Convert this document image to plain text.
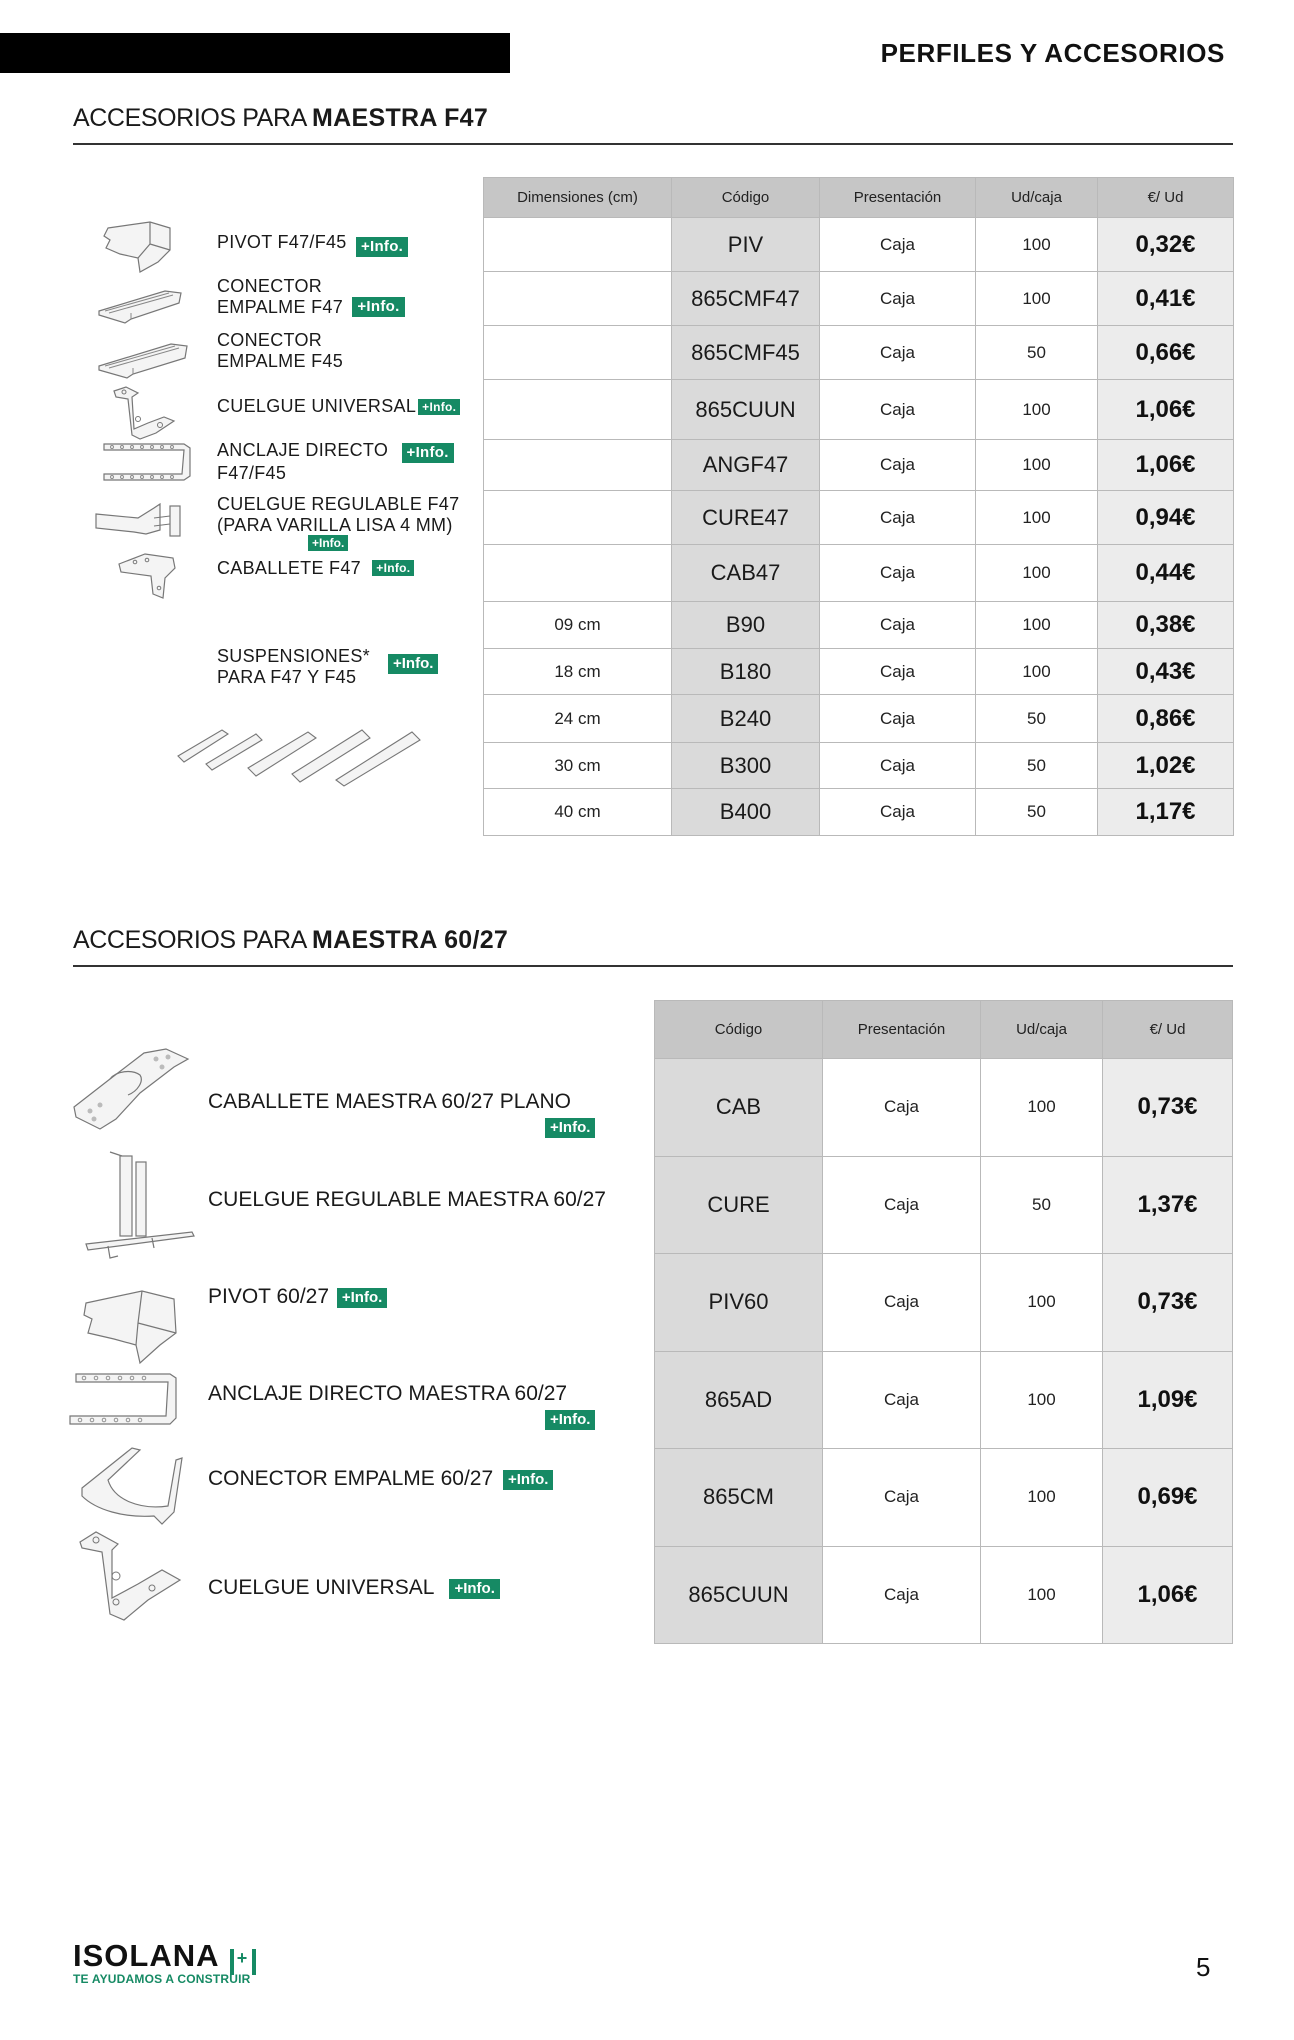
PERFILES Y ACCESORIOS
ACCESORIOS PARA MAESTRA F47
PIVOT F47/F45 +Info.
CONECTOR
EMPALME F47 +Info.
CONECTOR
EMPALME F45
CUELGUE UNIVERSAL +Info.
ANCLAJE DIRECTO +Info.
F47/F45
CUELGUE REGULABLE F47
(PARA VARILLA LISA 4 MM)
+Info.
CABALLETE F47 +Info.
SUSPENSIONES*
PARA F47 Y F45
+Info.
Dimensiones (cm)	Código	Presentación	Ud/caja	€/ Ud
	PIV	Caja	100	0,32€
	865CMF47	Caja	100	0,41€
	865CMF45	Caja	50	0,66€
	865CUUN	Caja	100	1,06€
	ANGF47	Caja	100	1,06€
	CURE47	Caja	100	0,94€
	CAB47	Caja	100	0,44€
09 cm	B90	Caja	100	0,38€
18 cm	B180	Caja	100	0,43€
24 cm	B240	Caja	50	0,86€
30 cm	B300	Caja	50	1,02€
40 cm	B400	Caja	50	1,17€
ACCESORIOS PARA MAESTRA 60/27
CABALLETE MAESTRA 60/27 PLANO
+Info.
CUELGUE REGULABLE MAESTRA 60/27
PIVOT 60/27 +Info.
ANCLAJE DIRECTO MAESTRA 60/27
+Info.
CONECTOR EMPALME 60/27 +Info.
CUELGUE UNIVERSAL +Info.
Código	Presentación	Ud/caja	€/ Ud
CAB	Caja	100	0,73€
CURE	Caja	50	1,37€
PIV60	Caja	100	0,73€
865AD	Caja	100	1,09€
865CM	Caja	100	0,69€
865CUUN	Caja	100	1,06€
ISOLANA +
TE AYUDAMOS A CONSTRUIR	5
